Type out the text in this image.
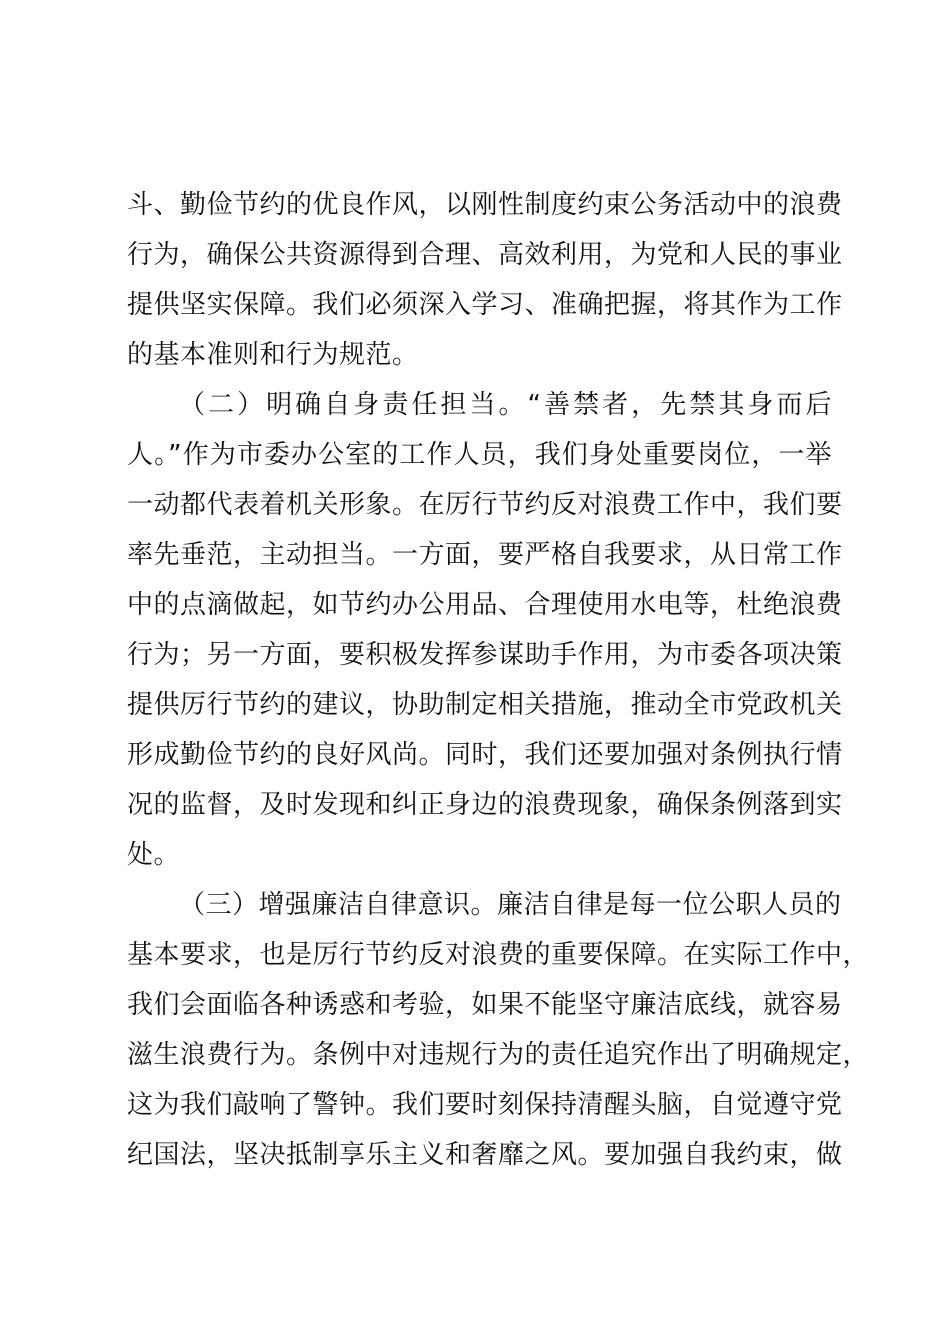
斗、勤俭节约的优良作风，以刚性制度约束公务活动中的浪费
行为，确保公共资源得到合理、高效利用，为党和人民的事业
提供坚实保障。我们必须深入学习、准确把握，将其作为工作
的基本准则和行为规范。
（二）明确自身责任担当。“善禁者，先禁其身而后
人。”作为市委办公室的工作人员，我们身处重要岗位，一举
一动都代表着机关形象。在厉行节约反对浪费工作中，我们要
率先垂范，主动担当。一方面，要严格自我要求，从日常工作
中的点滴做起，如节约办公用品、合理使用水电等，杜绝浪费
行为；另一方面，要积极发挥参谋助手作用，为市委各项决策
提供厉行节约的建议，协助制定相关措施，推动全市党政机关
形成勤俭节约的良好风尚。同时，我们还要加强对条例执行情
况的监督，及时发现和纠正身边的浪费现象，确保条例落到实
处。
（三）增强廉洁自律意识。廉洁自律是每一位公职人员的
基本要求，也是厉行节约反对浪费的重要保障。在实际工作中，
我们会面临各种诱惑和考验，如果不能坚守廉洁底线，就容易
滋生浪费行为。条例中对违规行为的责任追究作出了明确规定，
这为我们敲响了警钟。我们要时刻保持清醒头脑，自觉遵守党
纪国法，坚决抵制享乐主义和奢靡之风。要加强自我约束，做
